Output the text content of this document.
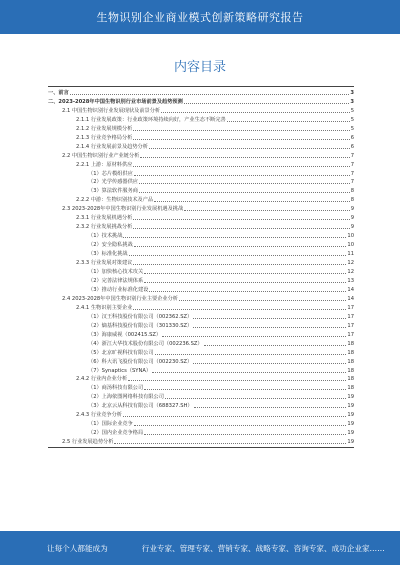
生物识别企业商业模式创新策略研究报告
内容目录
一、前言	3
二、2023-2028年中国生物识别行业市场前景及趋势预测	3
2.1 中国生物识别行业发展现状及前景分析	5
2.1.1 行业发展政策：行业政策环境持续向好，产业生态不断完善	5
2.1.2 行业发展规模分析	5
2.1.3 行业竞争格局分析	6
2.1.4 行业发展前景及趋势分析	6
2.2 中国生物识别行业产业链分析	7
2.2.1 上游：原材料供应	7
（1）芯片模组供应	7
（2）光学传感器供应	7
（3）算法软件服务商	8
2.2.2 中游：生物识别技术及产品	8
2.3 2023-2028年中国生物识别行业发展机遇及挑战	9
2.3.1 行业发展机遇分析	9
2.3.2 行业发展挑战分析	9
（1）技术挑战	10
（2）安全隐私挑战	10
（3）标准化挑战	11
2.3.3 行业发展对策建议	12
（1）加快核心技术攻关	12
（2）完善法律法规体系	13
（3）推动行业标准化建设	14
2.4 2023-2028年中国生物识别行业主要企业分析	14
2.4.1 生物识别主要企业	17
（1）汉王科技股份有限公司（002362.SZ）	17
（2）熵基科技股份有限公司（301330.SZ）	17
（3）海康威视（002415.SZ）	17
（4）浙江大华技术股份有限公司（002236.SZ）	18
（5）北京旷视科技有限公司	18
（6）科大讯飞股份有限公司（002230.SZ）	18
（7）Synaptics（SYNA）	18
2.4.2 行业内企业分析	18
（1）商汤科技有限公司	18
（2）上海依图网络科技有限公司	19
（3）北京云从科技有限公司（688327.SH）	19
2.4.3 行业竞争分析	19
（1）国际企业竞争	19
（2）国内企业竞争格局	19
2.5 行业发展趋势分析	19
让每个人都能成为	行业专家、管理专家、营销专家、战略专家、咨询专家、成功企业家……
